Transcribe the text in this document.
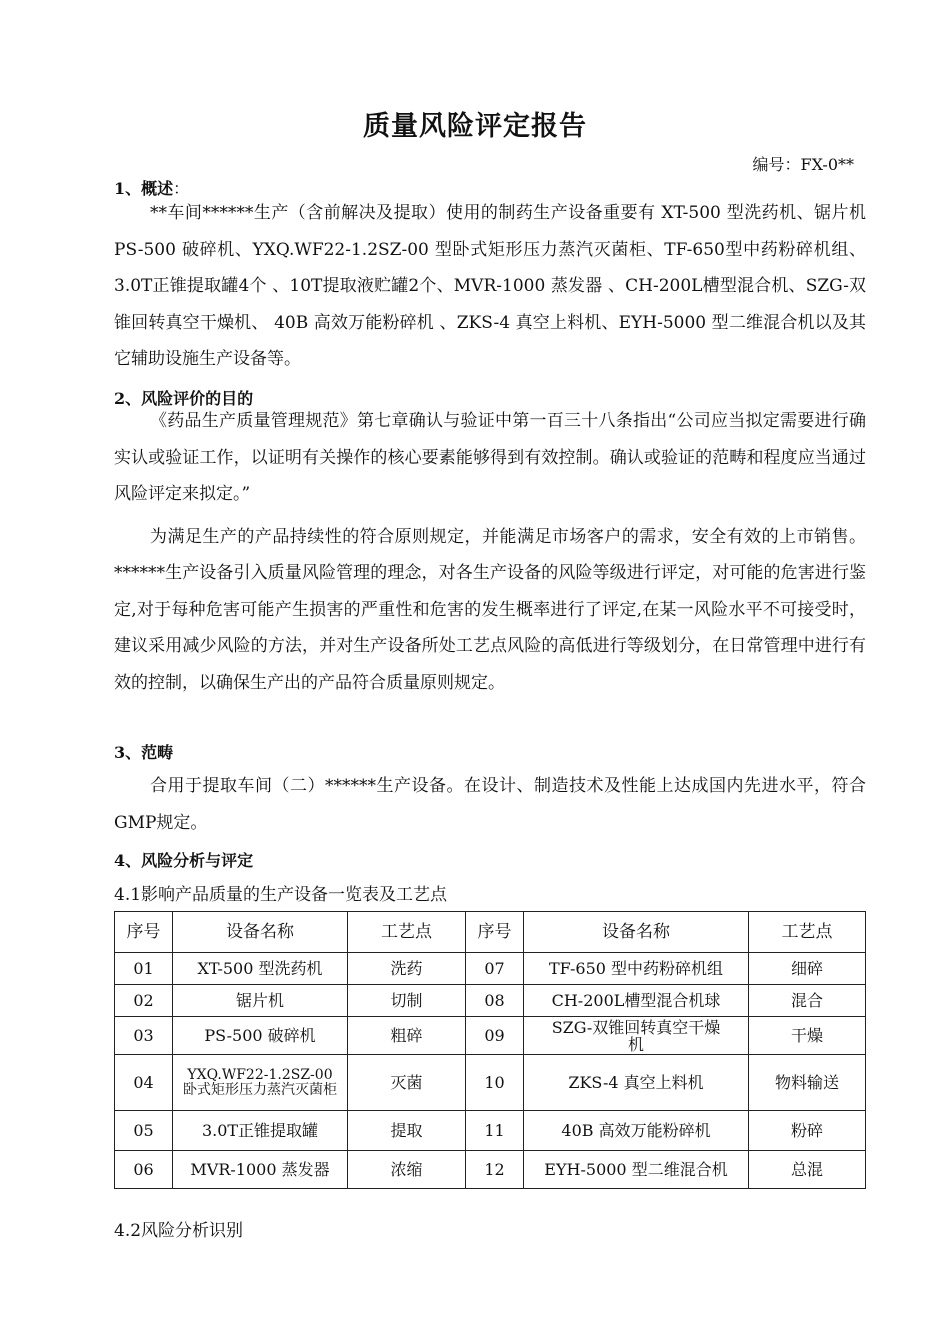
质量风险评定报告
编号：FX-0**
1、概述：

**车间******生产（含前解决及提取）使用的制药生产设备重要有 XT-500 型洗药机、锯片机PS-500 破碎机、YXQ.WF22-1.2SZ-00 型卧式矩形压力蒸汽灭菌柜、TF-650型中药粉碎机组、 3.0T正锥提取罐4个 、10T提取液贮罐2个、MVR-1000 蒸发器 、CH-200L槽型混合机、SZG-双锥回转真空干燥机、 40B 高效万能粉碎机 、ZKS-4 真空上料机、EYH-5000 型二维混合机以及其它辅助设施生产设备等。

2、风险评价的目的

《药品生产质量管理规范》第七章确认与验证中第一百三十八条指出“公司应当拟定需要进行确实认或验证工作，以证明有关操作的核心要素能够得到有效控制。确认或验证的范畴和程度应当通过风险评定来拟定。”

为满足生产的产品持续性的符合原则规定，并能满足市场客户的需求，安全有效的上市销售。******生产设备引入质量风险管理的理念，对各生产设备的风险等级进行评定，对可能的危害进行鉴定,对于每种危害可能产生损害的严重性和危害的发生概率进行了评定,在某一风险水平不可接受时，建议采用减少风险的方法，并对生产设备所处工艺点风险的高低进行等级划分，在日常管理中进行有效的控制，以确保生产出的产品符合质量原则规定。

3、范畴

合用于提取车间（二）******生产设备。在设计、制造技术及性能上达成国内先进水平，符合GMP规定。

4、风险分析与评定
4.1影响产品质量的生产设备一览表及工艺点
序号	设备名称	工艺点	序号	设备名称	工艺点
01	XT-500 型洗药机	洗药	07	TF-650 型中药粉碎机组	细碎
02	锯片机	切制	08	CH-200L槽型混合机球	混合
03	PS-500 破碎机	粗碎	09	SZG-双锥回转真空干燥机	干燥
04	YXQ.WF22-1.2SZ-00卧式矩形压力蒸汽灭菌柜	灭菌	10	ZKS-4 真空上料机	物料输送
05	3.0T正锥提取罐	提取	11	40B 高效万能粉碎机	粉碎
06	MVR-1000 蒸发器	浓缩	12	EYH-5000 型二维混合机	总混
4.2风险分析识别
